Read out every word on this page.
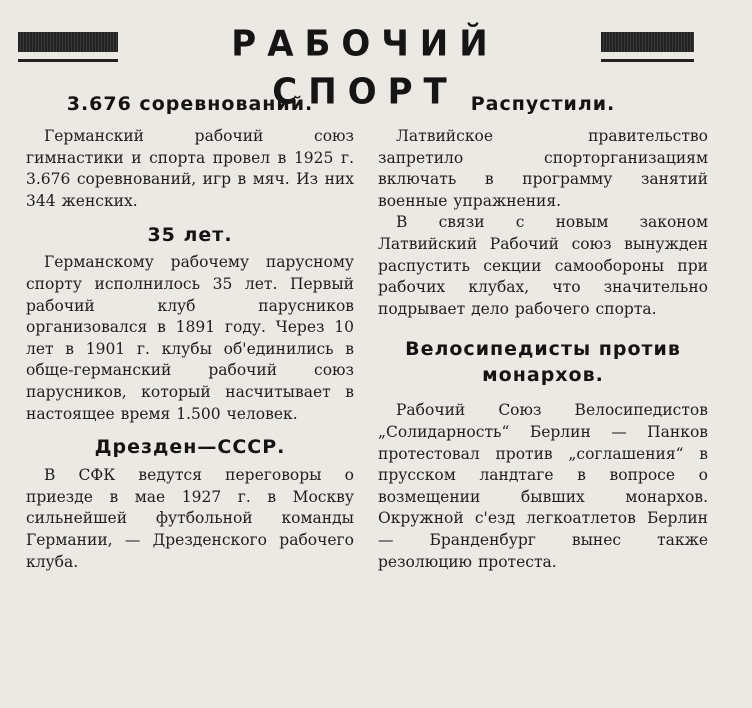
РАБОЧИЙ СПОРТ
3.676 соревнований.

Германский рабочий союз гимнастики и спорта провел в 1925 г. 3.676 соревнований, игр в мяч. Из них 344 женских.

35 лет.

Германскому рабочему парусному спорту исполнилось 35 лет. Первый рабочий клуб парусников организовался в 1891 году. Через 10 лет в 1901 г. клубы об'единились в обще-германский рабочий союз парусников, который насчитывает в настоящее время 1.500 человек.

Дрезден—СССР.

В СФК ведутся переговоры о приезде в мае 1927 г. в Москву сильнейшей футбольной команды Германии, — Дрезденского рабочего клуба.

Распустили.

Латвийское правительство запретило спорторганизациям включать в программу занятий военные упражнения.

В связи с новым законом Латвийский Рабочий союз вынужден распустить секции самообороны при рабочих клубах, что значительно подрывает дело рабочего спорта.

Велосипедисты против монархов.

Рабочий Союз Велосипедистов „Солидарность“ Берлин — Панков протестовал против „соглашения“ в прусском ландтаге в вопросе о возмещении бывших монархов. Окружной с'езд легкоатлетов Берлин — Бранденбург вынес также резолюцию протеста.
